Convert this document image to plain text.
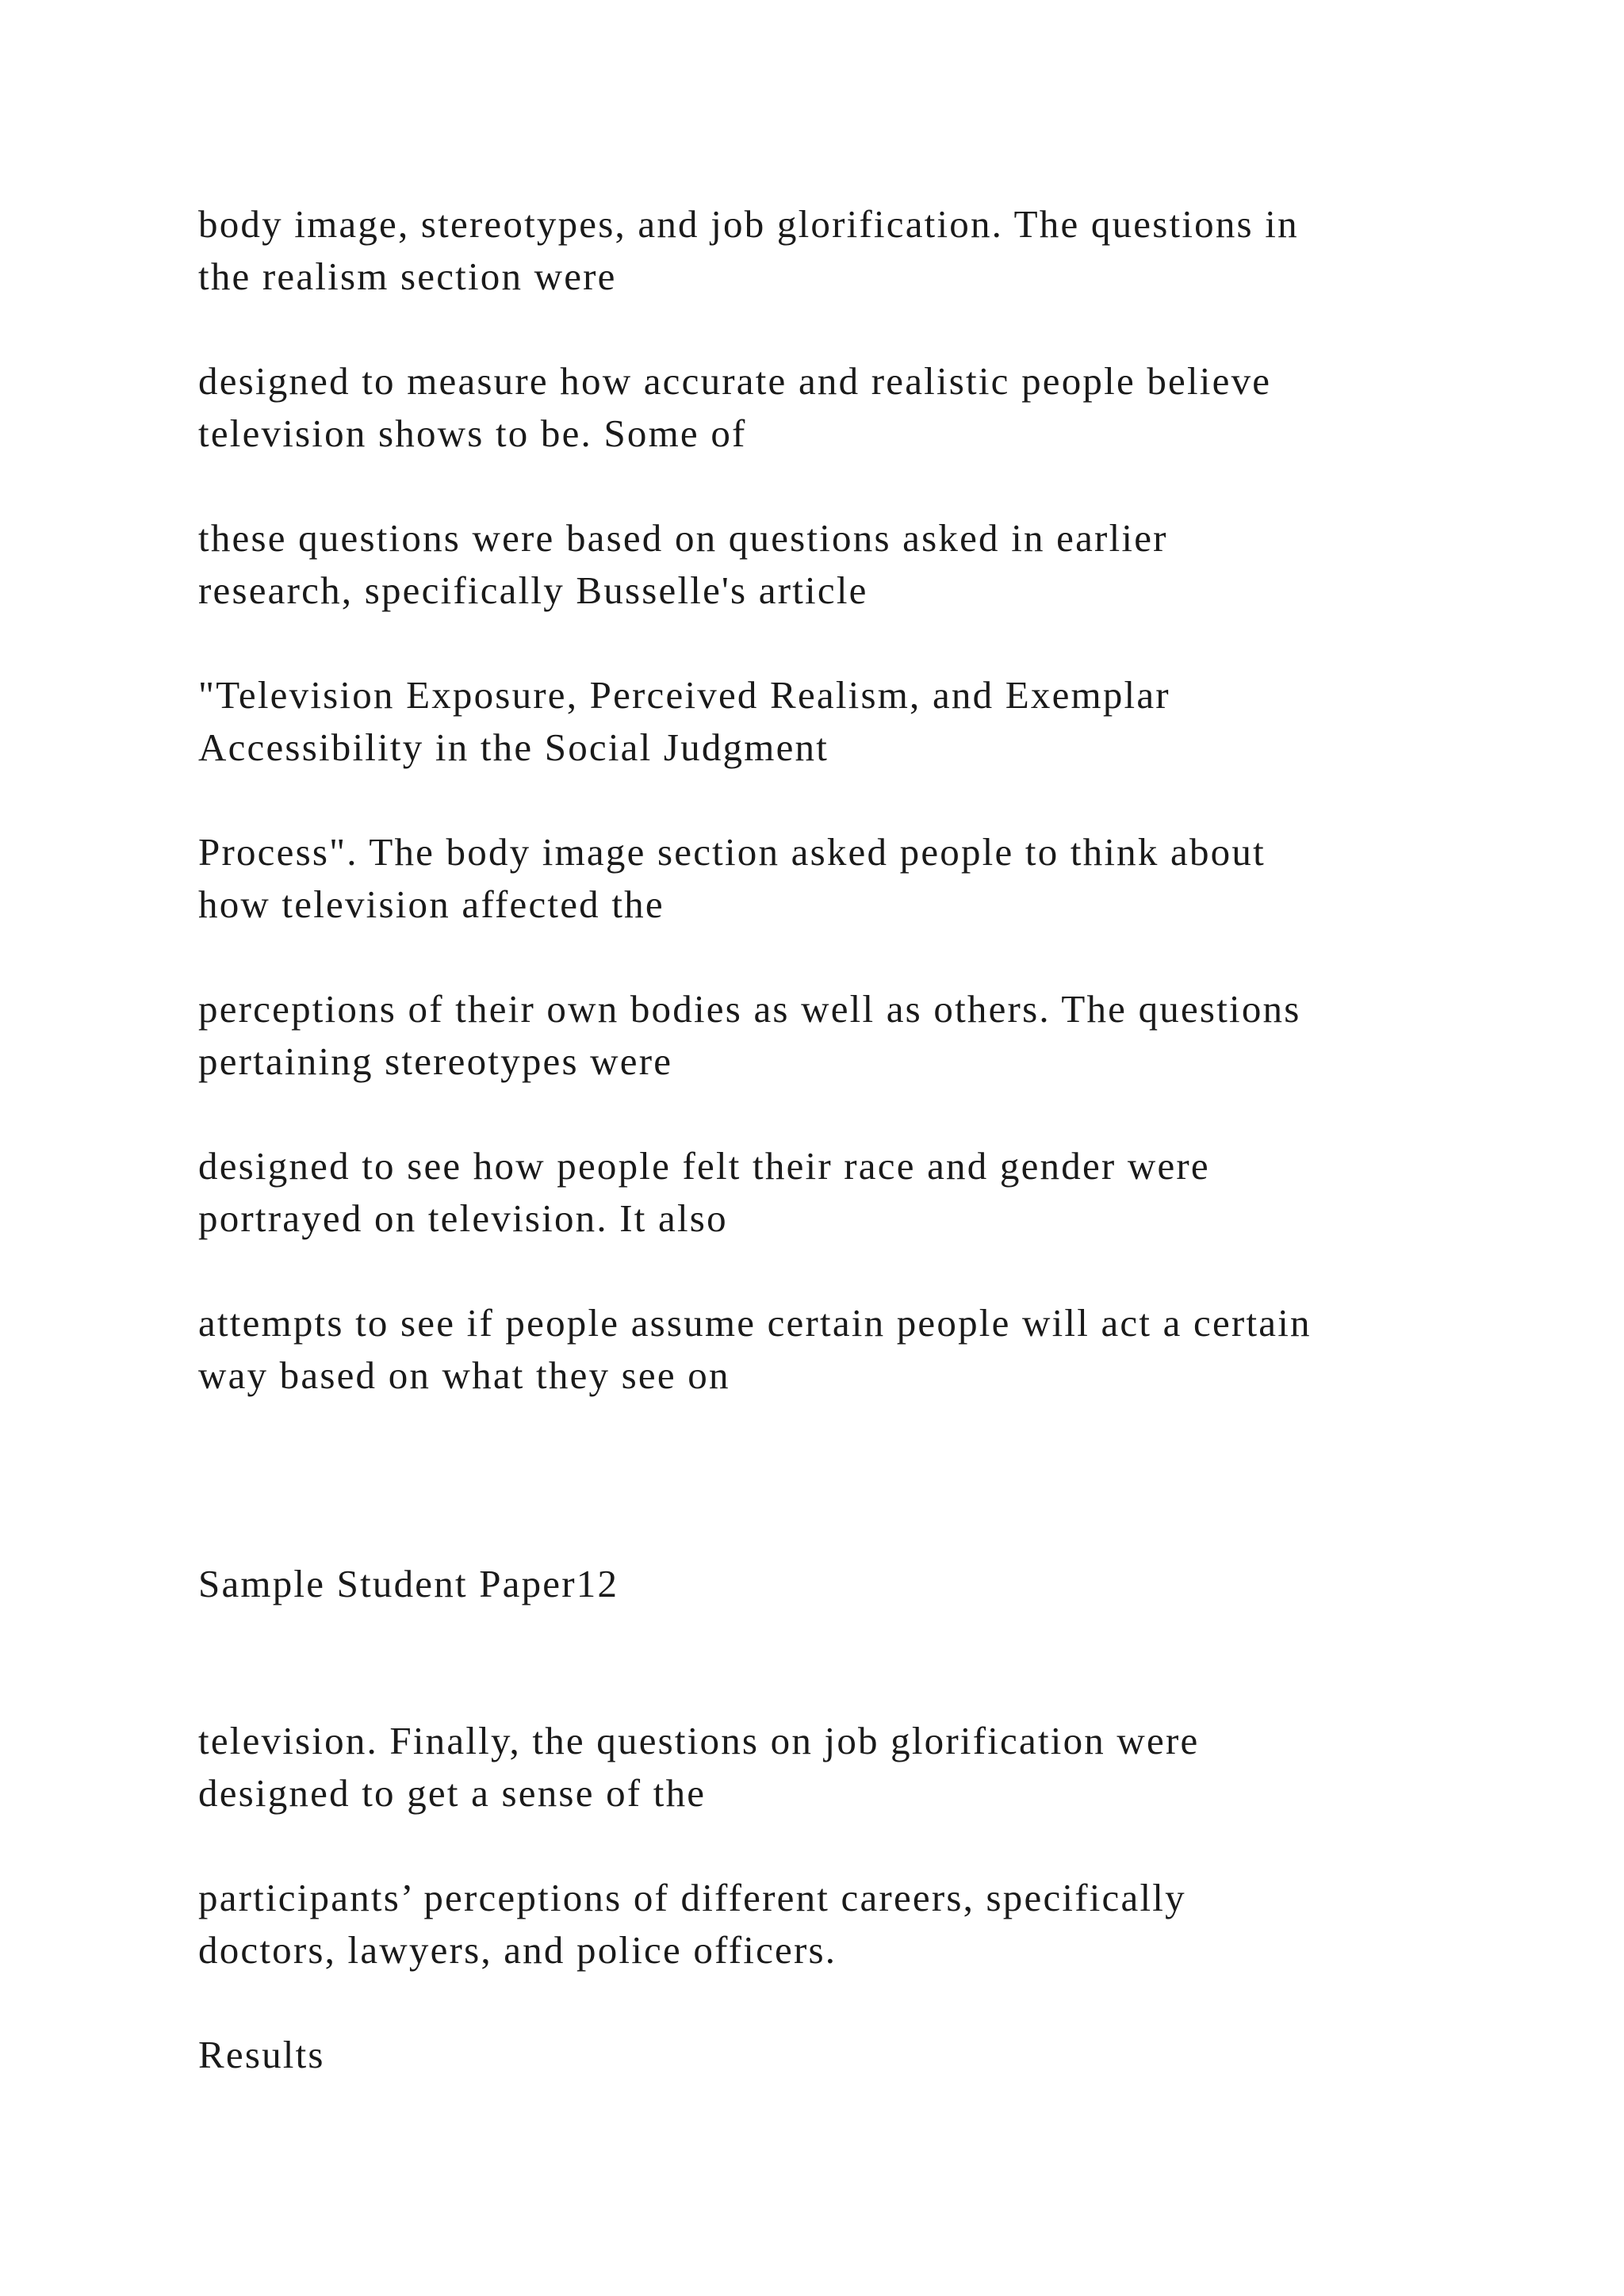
body image, stereotypes, and job glorification. The questions in
the realism section were

designed to measure how accurate and realistic people believe
television shows to be. Some of

these questions were based on questions asked in earlier
research, specifically Busselle's article

"Television Exposure, Perceived Realism, and Exemplar
Accessibility in the Social Judgment

Process". The body image section asked people to think about
how television affected the

perceptions of their own bodies as well as others. The questions
pertaining stereotypes were

designed to see how people felt their race and gender were
portrayed on television. It also

attempts to see if people assume certain people will act a certain
way based on what they see on

Sample Student Paper12

television. Finally, the questions on job glorification were
designed to get a sense of the

participants’ perceptions of different careers, specifically
doctors, lawyers, and police officers.

Results
